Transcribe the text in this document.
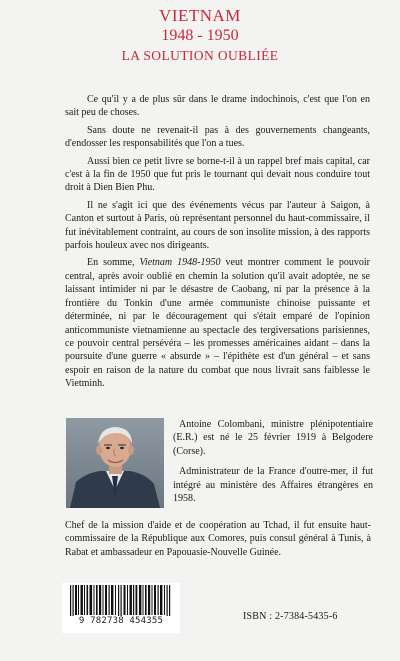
VIETNAM
1948 - 1950
LA SOLUTION OUBLIÉE

Ce qu'il y a de plus sûr dans le drame indochinois, c'est que l'on en sait peu de choses.

Sans doute ne revenait-il pas à des gouvernements changeants, d'endosser les responsabilités que l'on a tues.

Aussi bien ce petit livre se borne-t-il à un rappel bref mais capital, car c'est à la fin de 1950 que fut pris le tournant qui devait nous conduire tout droit à Dien Bien Phu.

Il ne s'agit ici que des événements vécus par l'auteur à Saigon, à Canton et surtout à Paris, où représentant personnel du haut-commissaire, il fut inévitablement contraint, au cours de son insolite mission, à des rapports parfois houleux avec nos dirigeants.

En somme, Vietnam 1948-1950 veut montrer comment le pouvoir central, après avoir oublié en chemin la solution qu'il avait adoptée, ne se laissant intimider ni par le désastre de Caobang, ni par la présence à la frontière du Tonkin d'une armée communiste chinoise puissante et déterminée, ni par le découragement qui s'était emparé de l'opinion anticommuniste vietnamienne au spectacle des tergiversations parisiennes, ce pouvoir central persévéra – les promesses américaines aidant – dans la poursuite d'une guerre « absurde » – l'épithète est d'un général – et sans espoir en raison de la nature du combat que nous livrait sans faiblesse le Vietminh.

Antoine Colombani, ministre plénipotentiaire (E.R.) est né le 25 février 1919 à Belgodere (Corse).

Administrateur de la France d'outre-mer, il fut intégré au ministère des Affaires étrangères en 1958.

Chef de la mission d'aide et de coopération au Tchad, il fut ensuite haut-commissaire de la République aux Comores, puis consul général à Tunis, à Rabat et ambassadeur en Papouasie-Nouvelle Guinée.

9 782738 454355	ISBN : 2-7384-5435-6
